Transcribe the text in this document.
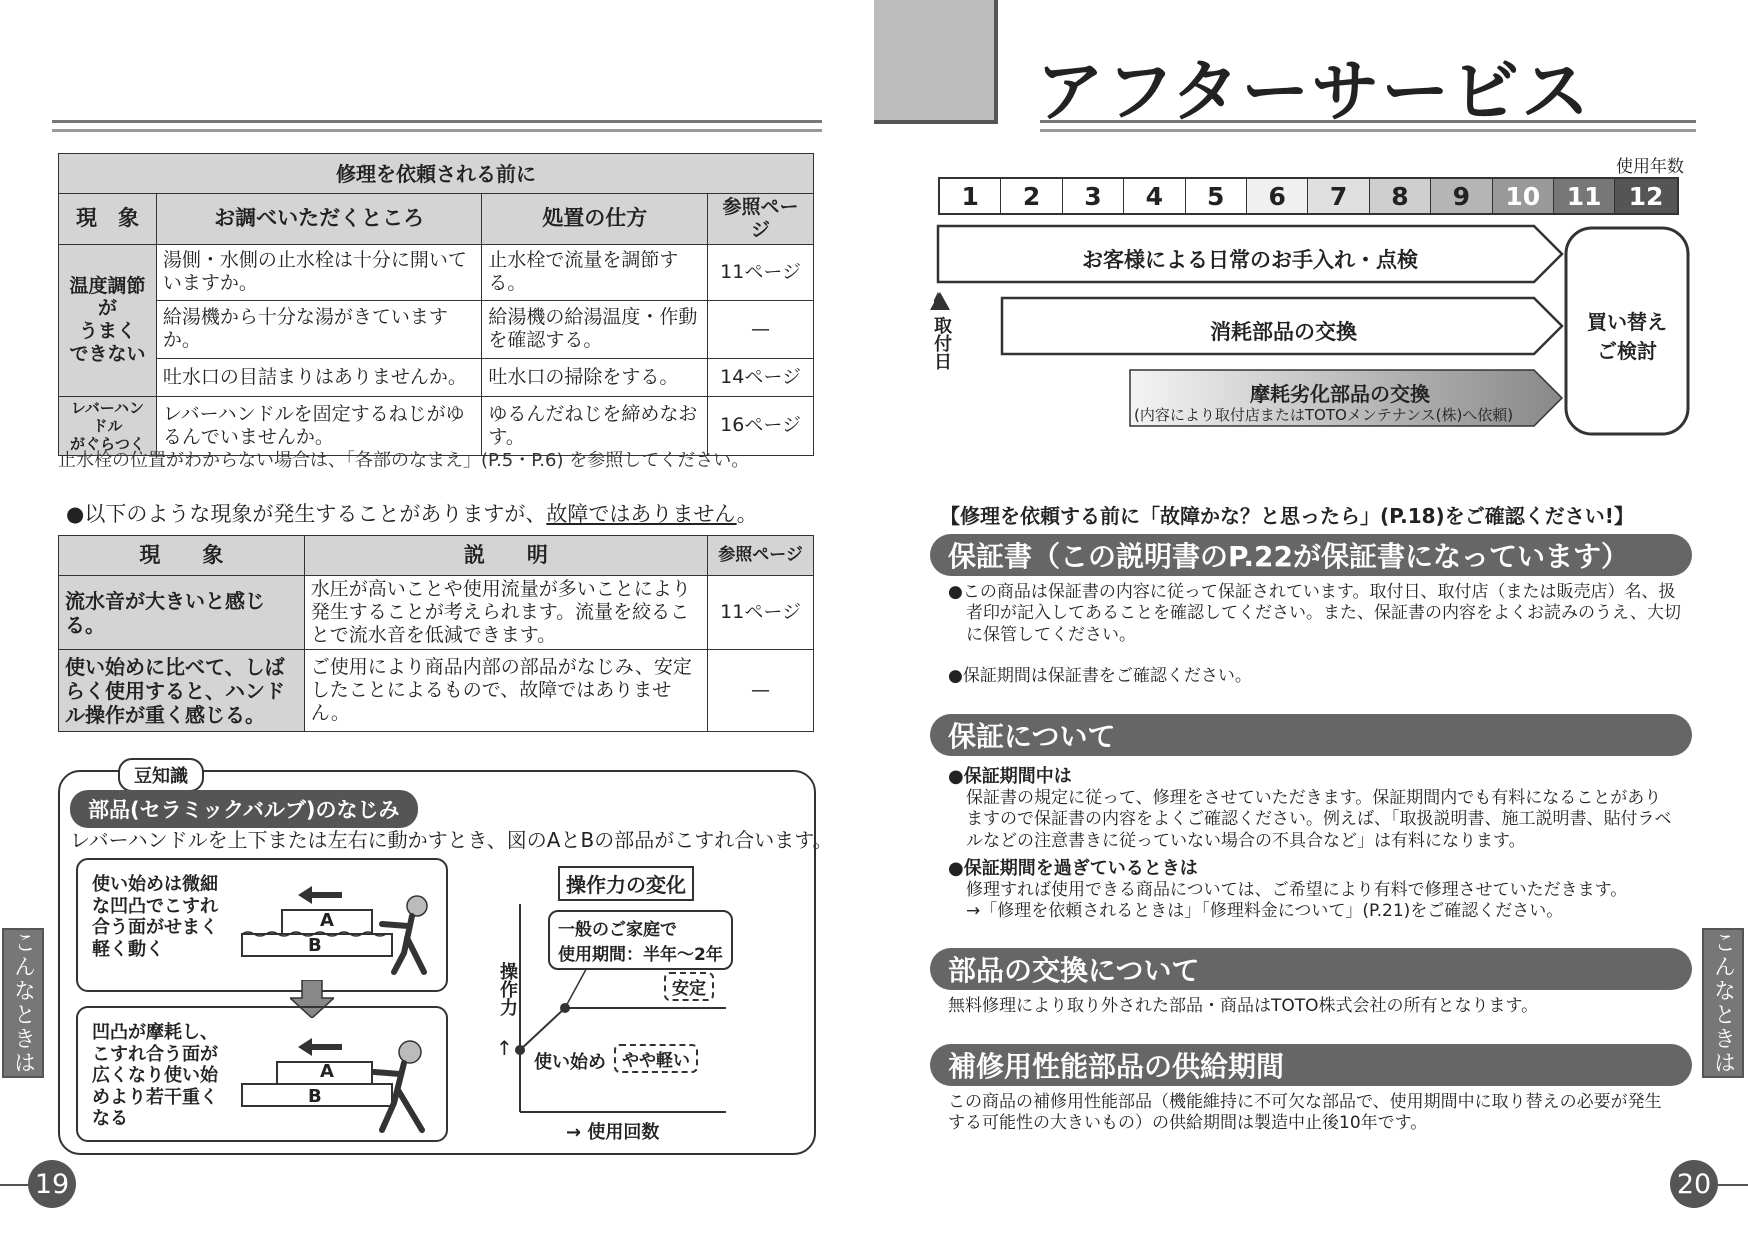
修理を依頼される前に			
現　象	お調べいただくところ	処置の仕方	参照ページ
温度調節が
うまく
できない	湯側・水側の止水栓は十分に開いていますか。	止水栓で流量を調節する。	11ページ
	給湯機から十分な湯がきていますか。	給湯機の給湯温度・作動を確認する。	—
	吐水口の目詰まりはありませんか。	吐水口の掃除をする。	14ページ
レバーハンドル
がぐらつく	レバーハンドルを固定するねじがゆるんでいませんか。	ゆるんだねじを締めなおす。	16ページ
止水栓の位置がわからない場合は、「各部のなまえ」(P.5・P.6) を参照してください。
●以下のような現象が発生することがありますが、故障ではありません。
現　　象	説　　明	参照ページ
流水音が大きいと感じる。	水圧が高いことや使用流量が多いことにより発生することが考えられます。流量を絞ることで流水音を低減できます。	11ページ
使い始めに比べて、しばらく使用すると、ハンドル操作が重く感じる。	ご使用により商品内部の部品がなじみ、安定したことによるもので、故障ではありません。	—
豆知識
部品(セラミックバルブ)のなじみ
レバーハンドルを上下または左右に動かすとき、図のAとBの部品がこすれ合います。
使い始めは微細
な凹凸でこすれ
合う面がせまく
軽く動く
A
B
凹凸が摩耗し、
こすれ合う面が
広くなり使い始
めより若干重く
なる
A
B
操作力の変化
一般のご家庭で
使用期間：半年〜2年
安定
使い始め やや軽い
操作力
↑
→ 使用回数
こんなときは
19
アフターサービス
使用年数
1	2	3	4	5	6	7	8	9	10	11	12
取付日
お客様による日常のお手入れ・点検
消耗部品の交換
摩耗劣化部品の交換
(内容により取付店またはTOTOメンテナンス(株)へ依頼)
買い替え
ご検討
【修理を依頼する前に「故障かな？と思ったら」(P.18)をご確認ください!】
保証書（この説明書のP.22が保証書になっています）
●この商品は保証書の内容に従って保証されています。取付日、取付店（または販売店）名、扱者印が記入してあることを確認してください。また、保証書の内容をよくお読みのうえ、大切に保管してください。
●保証期間は保証書をご確認ください。
保証について
●保証期間中は
保証書の規定に従って、修理をさせていただきます。保証期間内でも有料になることがありますので保証書の内容をよくご確認ください。例えば、「取扱説明書、施工説明書、貼付ラベルなどの注意書きに従っていない場合の不具合など」は有料になります。
●保証期間を過ぎているときは
修理すれば使用できる商品については、ご希望により有料で修理させていただきます。
→「修理を依頼されるときは」「修理料金について」(P.21)をご確認ください。
部品の交換について
無料修理により取り外された部品・商品はTOTO株式会社の所有となります。
補修用性能部品の供給期間
この商品の補修用性能部品（機能維持に不可欠な部品で、使用期間中に取り替えの必要が発生する可能性の大きいもの）の供給期間は製造中止後10年です。
こんなときは
20
